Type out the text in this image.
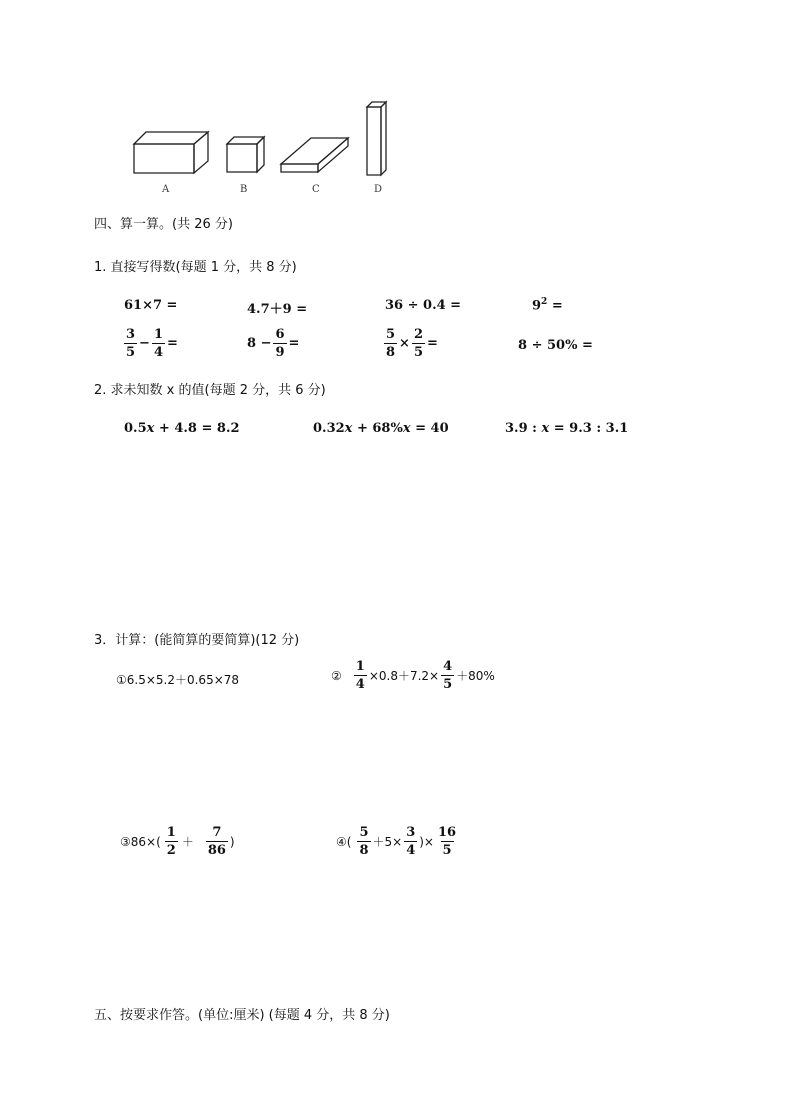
A	B	C	D
四、算一算。(共 26 分)
1. 直接写得数(每题 1 分，共 8 分)
61×7 =	4.7＋9 =	36 ÷ 0.4 =	$9^2$ =
$\frac{3}{5} - \frac{1}{4}$ =	$8 - \frac{6}{9}$ =	$\frac{5}{8} \times \frac{2}{5}$ =	8 ÷ 50% =
2. 求未知数 x 的值(每题 2 分，共 6 分)
0.5x + 4.8 = 8.2	0.32x + 68%x = 40	3.9 : x = 9.3 : 3.1
3．计算：(能简算的要简算)(12 分)
①6.5×5.2＋0.65×78	② $\frac{1}{4} \times 0.8+7.2\times \frac{4}{5} +80\%$
③86×( $\frac{1}{2} + \frac{7}{86}$ )	④( $\frac{5}{8} +5\times \frac{3}{4}$ )× $\frac{16}{5}$
五、按要求作答。(单位:厘米) (每题 4 分，共 8 分)
